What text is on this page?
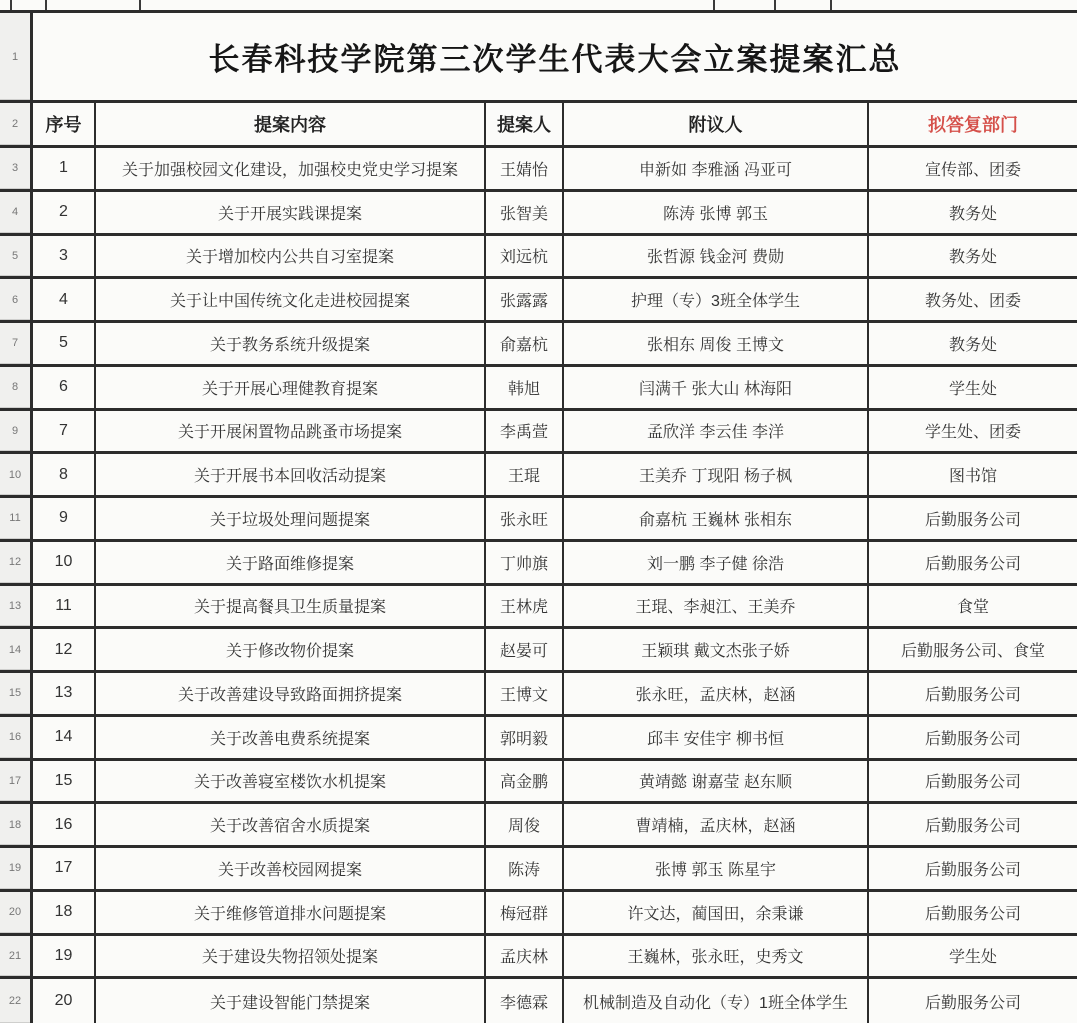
1	长春科技学院第三次学生代表大会立案提案汇总
2	序号	提案内容	提案人	附议人	拟答复部门
3	1	关于加强校园文化建设，加强校史党史学习提案	王婧怡	申新如 李雅涵 冯亚可	宣传部、团委
4	2	关于开展实践课提案	张智美	陈涛 张博 郭玉	教务处
5	3	关于增加校内公共自习室提案	刘远杭	张哲源 钱金河 费勋	教务处
6	4	关于让中国传统文化走进校园提案	张露露	护理（专）3班全体学生	教务处、团委
7	5	关于教务系统升级提案	俞嘉杭	张相东 周俊 王博文	教务处
8	6	关于开展心理健教育提案	韩旭	闫满千 张大山 林海阳	学生处
9	7	关于开展闲置物品跳蚤市场提案	李禹萱	孟欣洋 李云佳 李洋	学生处、团委
10	8	关于开展书本回收活动提案	王琨	王美乔 丁现阳 杨子枫	图书馆
11	9	关于垃圾处理问题提案	张永旺	俞嘉杭 王巍林 张相东	后勤服务公司
12	10	关于路面维修提案	丁帅旗	刘一鹏 李子健 徐浩	后勤服务公司
13	11	关于提高餐具卫生质量提案	王林虎	王琨、李昶江、王美乔	食堂
14	12	关于修改物价提案	赵晏可	王颖琪 戴文杰张子娇	后勤服务公司、食堂
15	13	关于改善建设导致路面拥挤提案	王博文	张永旺，孟庆林，赵涵	后勤服务公司
16	14	关于改善电费系统提案	郭明毅	邱丰 安佳宇 柳书恒	后勤服务公司
17	15	关于改善寝室楼饮水机提案	高金鹏	黄靖懿 谢嘉莹 赵东顺	后勤服务公司
18	16	关于改善宿舍水质提案	周俊	曹靖楠，孟庆林，赵涵	后勤服务公司
19	17	关于改善校园网提案	陈涛	张博 郭玉 陈星宇	后勤服务公司
20	18	关于维修管道排水问题提案	梅冠群	许文达，蔺国田，余秉谦	后勤服务公司
21	19	关于建设失物招领处提案	孟庆林	王巍林，张永旺，史秀文	学生处
22	20	关于建设智能门禁提案	李德霖	机械制造及自动化（专）1班全体学生	后勤服务公司
